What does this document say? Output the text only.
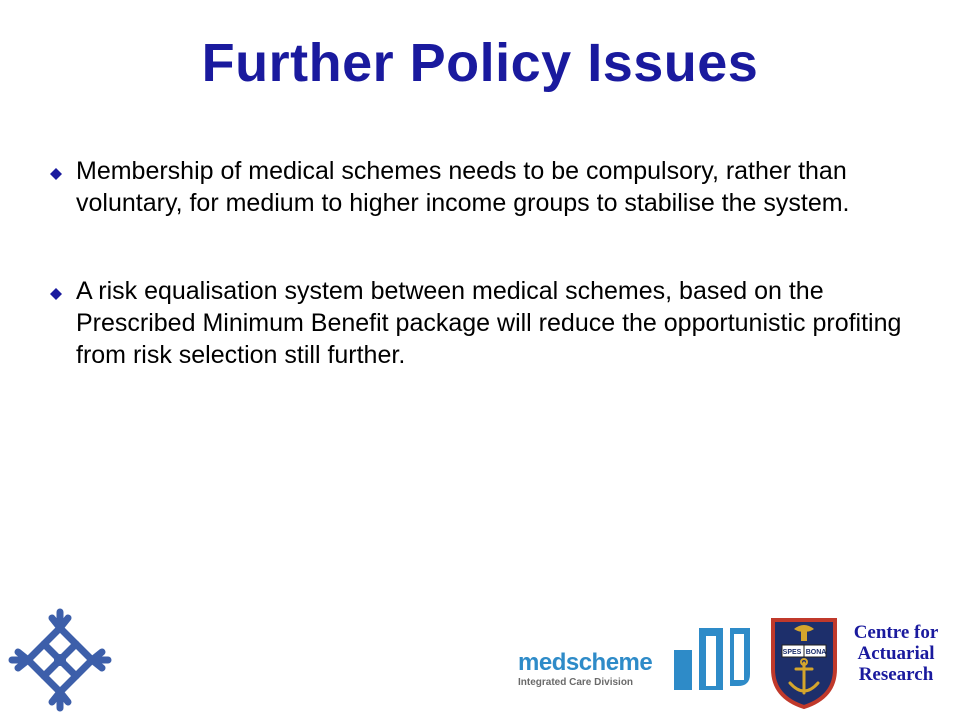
Further Policy Issues
Membership of medical schemes needs to be compulsory, rather than voluntary, for medium to higher income groups to stabilise the system.
A risk equalisation system between medical schemes, based on the Prescribed Minimum Benefit package will reduce the opportunistic profiting from risk selection still further.
medscheme
Integrated Care Division
SPES BONA
Centre for
Actuarial
Research
